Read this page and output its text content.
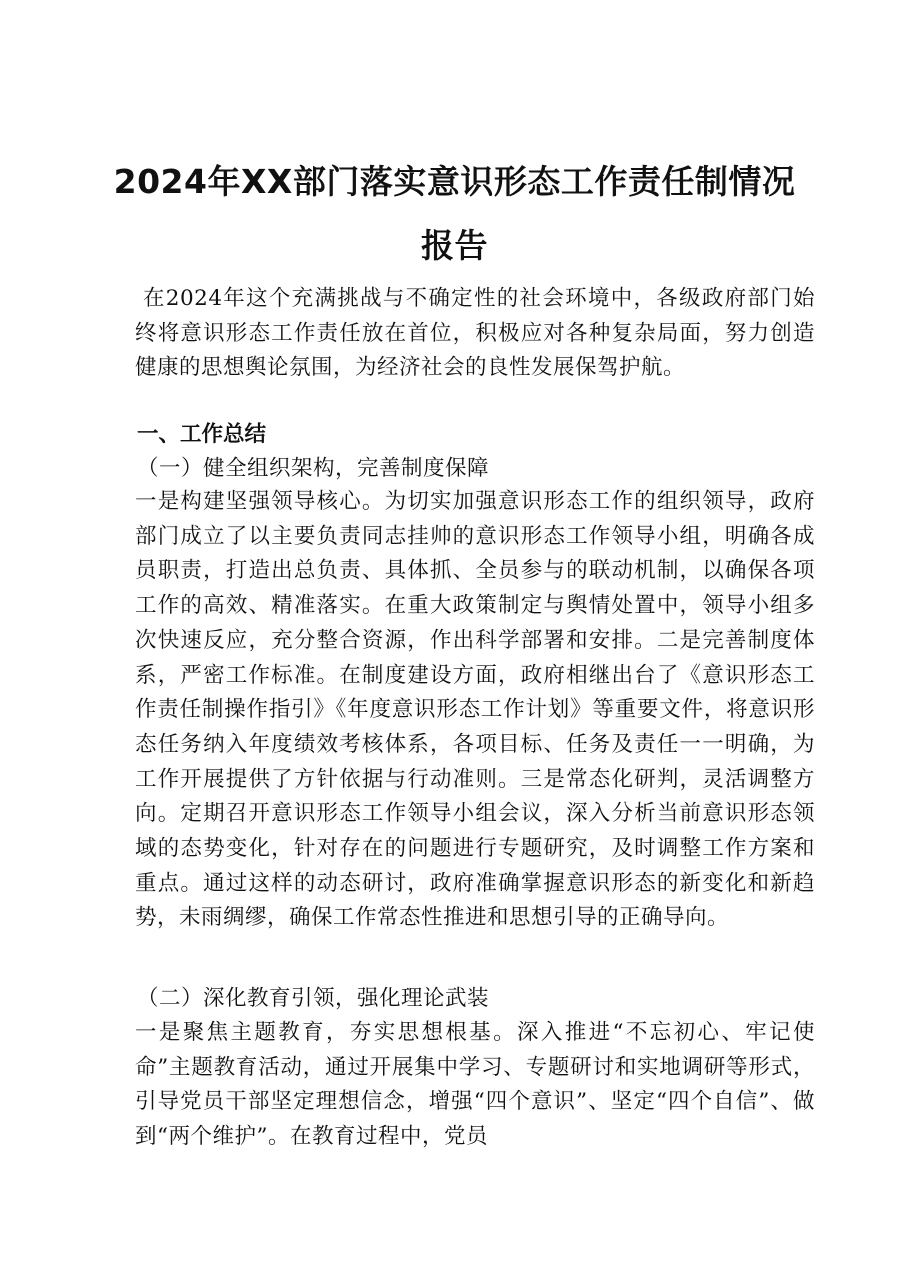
2024年XX部门落实意识形态工作责任制情况
报告
在2024年这个充满挑战与不确定性的社会环境中，各级政府部门始终将意识形态工作责任放在首位，积极应对各种复杂局面，努力创造健康的思想舆论氛围，为经济社会的良性发展保驾护航。
一、工作总结
（一）健全组织架构，完善制度保障
一是构建坚强领导核心。为切实加强意识形态工作的组织领导，政府部门成立了以主要负责同志挂帅的意识形态工作领导小组，明确各成员职责，打造出总负责、具体抓、全员参与的联动机制，以确保各项工作的高效、精准落实。在重大政策制定与舆情处置中，领导小组多次快速反应，充分整合资源，作出科学部署和安排。二是完善制度体系，严密工作标准。在制度建设方面，政府相继出台了《意识形态工作责任制操作指引》《年度意识形态工作计划》等重要文件，将意识形态任务纳入年度绩效考核体系，各项目标、任务及责任一一明确，为工作开展提供了方针依据与行动准则。三是常态化研判，灵活调整方向。定期召开意识形态工作领导小组会议，深入分析当前意识形态领域的态势变化，针对存在的问题进行专题研究，及时调整工作方案和重点。通过这样的动态研讨，政府准确掌握意识形态的新变化和新趋势，未雨绸缪，确保工作常态性推进和思想引导的正确导向。
（二）深化教育引领，强化理论武装
一是聚焦主题教育，夯实思想根基。深入推进“不忘初心、牢记使命”主题教育活动，通过开展集中学习、专题研讨和实地调研等形式，引导党员干部坚定理想信念，增强“四个意识”、坚定“四个自信”、做到“两个维护”。在教育过程中，党员
